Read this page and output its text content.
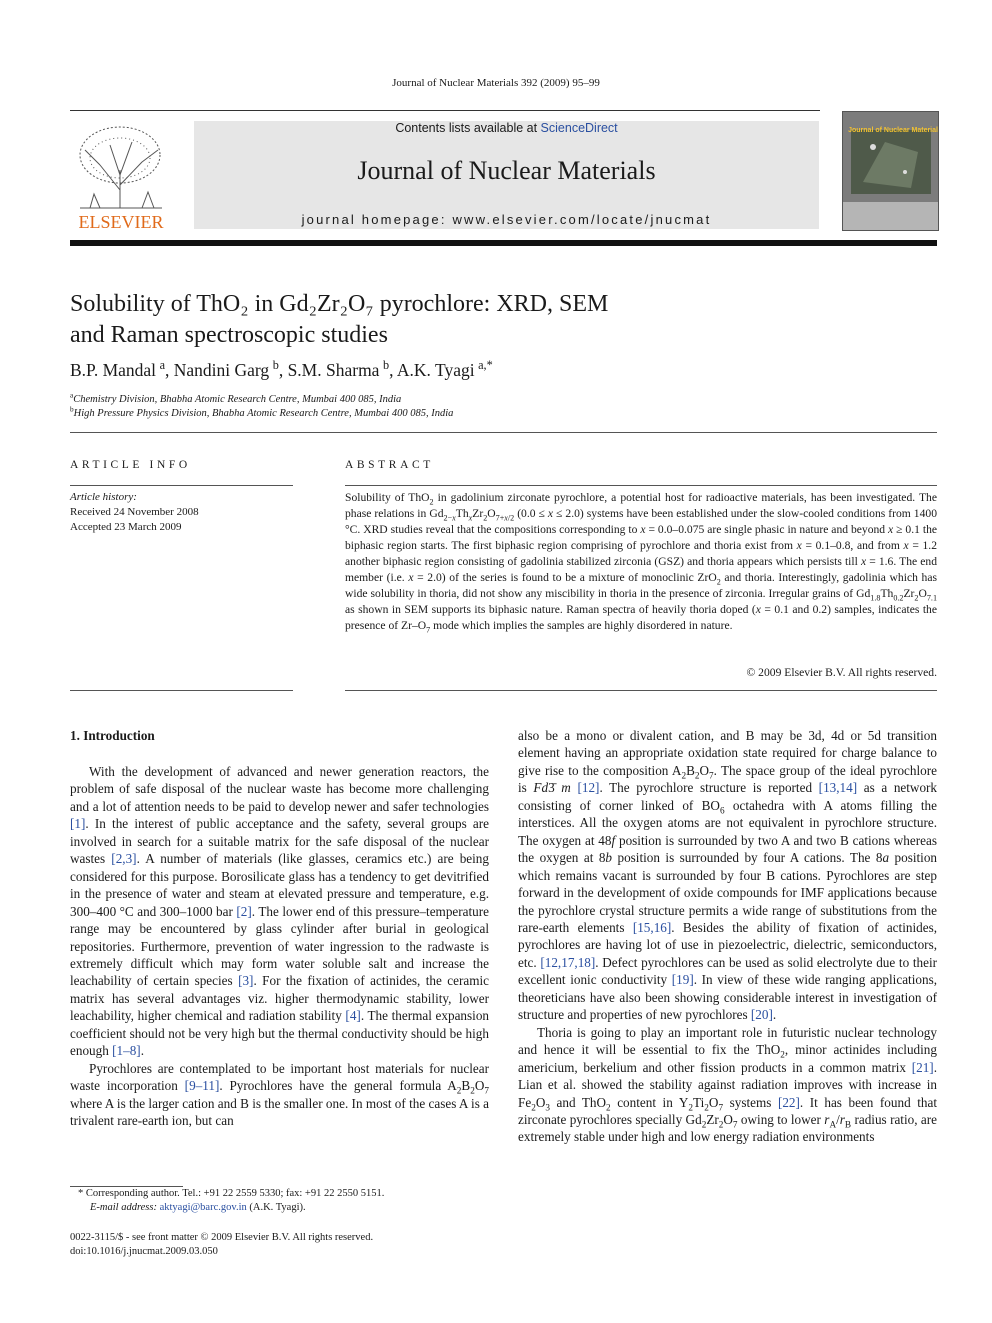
Journal of Nuclear Materials 392 (2009) 95–99
ELSEVIER
Contents lists available at ScienceDirect
Journal of Nuclear Materials
journal homepage: www.elsevier.com/locate/jnucmat
Journal of Nuclear Materials
Solubility of ThO₂ in Gd₂Zr₂O₇ pyrochlore: XRD, SEM
and Raman spectroscopic studies
B.P. Mandal  $^a$, Nandini Garg  $^b$, S.M. Sharma  $^b$, A.K. Tyagi  $^{a,*}$
$^a$Chemistry Division, Bhabha Atomic Research Centre, Mumbai 400 085, India
$^b$High Pressure Physics Division, Bhabha Atomic Research Centre, Mumbai 400 085, India
ARTICLE INFO	ABSTRACT
Article history:
Received 24 November 2008
Accepted 23 March 2009
Solubility of ThO$_2$ in gadolinium zirconate pyrochlore, a potential host for radioactive materials, has been investigated. The phase relations in $Gd_{2-x}Th_xZr_2O_{7+x/2}$ (0.0 ≤ x ≤ 2.0) systems have been established under the slow-cooled conditions from 1400 °C. XRD studies reveal that the compositions corresponding to x = 0.0–0.075 are single phasic in nature and beyond x ≥ 0.1 the biphasic region starts. The first biphasic region comprising of pyrochlore and thoria exist from x = 0.1–0.8, and from x = 1.2 another biphasic region consisting of gadolinia stabilized zirconia (GSZ) and thoria appears which persists till x = 1.6. The end member (i.e. x = 2.0) of the series is found to be a mixture of monoclinic ZrO$_2$ and thoria. Interestingly, gadolinia which has wide solubility in thoria, did not show any miscibility in thoria in the presence of zirconia. Irregular grains of $Gd_{1.8}Th_{0.2}Zr_2O_{7.1}$ as shown in SEM supports its biphasic nature. Raman spectra of heavily thoria doped (x = 0.1 and 0.2) samples, indicates the presence of $Zr-O_7$ mode which implies the samples are highly disordered in nature.
© 2009 Elsevier B.V. All rights reserved.
1. Introduction

With the development of advanced and newer generation reactors, the problem of safe disposal of the nuclear waste has become more challenging and a lot of attention needs to be paid to develop newer and safer technologies [1]. In the interest of public acceptance and the safety, several groups are involved in search for a suitable matrix for the safe disposal of the nuclear wastes [2,3]. A number of materials (like glasses, ceramics etc.) are being considered for this purpose. Borosilicate glass has a tendency to get devitrified in the presence of water and steam at elevated pressure and temperature, e.g. 300–400 °C and 300–1000 bar [2]. The lower end of this pressure–temperature range may be encountered by glass cylinder after burial in geological repositories. Furthermore, prevention of water ingression to the radwaste is extremely difficult which may form water soluble salt and increase the leachability of certain species [3]. For the fixation of actinides, the ceramic matrix has several advantages viz. higher thermodynamic stability, lower leachability, higher chemical and radiation stability [4]. The thermal expansion coefficient should not be very high but the thermal conductivity should be high enough [1–8].

Pyrochlores are contemplated to be important host materials for nuclear waste incorporation [9–11]. Pyrochlores have the general formula $A_2B_2O_7$ where A is the larger cation and B is the smaller one. In most of the cases A is a trivalent rare-earth ion, but can

also be a mono or divalent cation, and B may be 3d, 4d or 5d transition element having an appropriate oxidation state required for charge balance to give rise to the composition $A_2B_2O_7$. The space group of the ideal pyrochlore is Fd3̄ m [12]. The pyrochlore structure is reported [13,14] as a network consisting of corner linked of $BO_6$ octahedra with A atoms filling the interstices. All the oxygen atoms are not equivalent in pyrochlore structure. The oxygen at 48f position is surrounded by two A and two B cations whereas the oxygen at 8b position is surrounded by four A cations. The 8a position which remains vacant is surrounded by four B cations. Pyrochlores are step forward in the development of oxide compounds for IMF applications because the pyrochlore crystal structure permits a wide range of substitutions from the rare-earth elements [15,16]. Besides the ability of fixation of actinides, pyrochlores are having lot of use in piezoelectric, dielectric, semiconductors, etc. [12,17,18]. Defect pyrochlores can be used as solid electrolyte due to their excellent ionic conductivity [19]. In view of these wide ranging applications, theoreticians have also been showing considerable interest in investigation of structure and properties of new pyrochlores [20].

Thoria is going to play an important role in futuristic nuclear technology and hence it will be essential to fix the ThO$_2$, minor actinides including americium, berkelium and other fission products in a common matrix [21]. Lian et al. showed the stability against radiation improves with increase in $Fe_2O_3$ and ThO$_2$ content in $Y_2Ti_2O_7$ systems [22]. It has been found that zirconate pyrochlores specially $Gd_2Zr_2O_7$ owing to lower $r_A/r_B$ radius ratio, are extremely stable under high and low energy radiation environments

* Corresponding author. Tel.: +91 22 2559 5330; fax: +91 22 2550 5151.
E-mail address: aktyagi@barc.gov.in (A.K. Tyagi).
0022-3115/$ - see front matter © 2009 Elsevier B.V. All rights reserved.
doi:10.1016/j.jnucmat.2009.03.050
